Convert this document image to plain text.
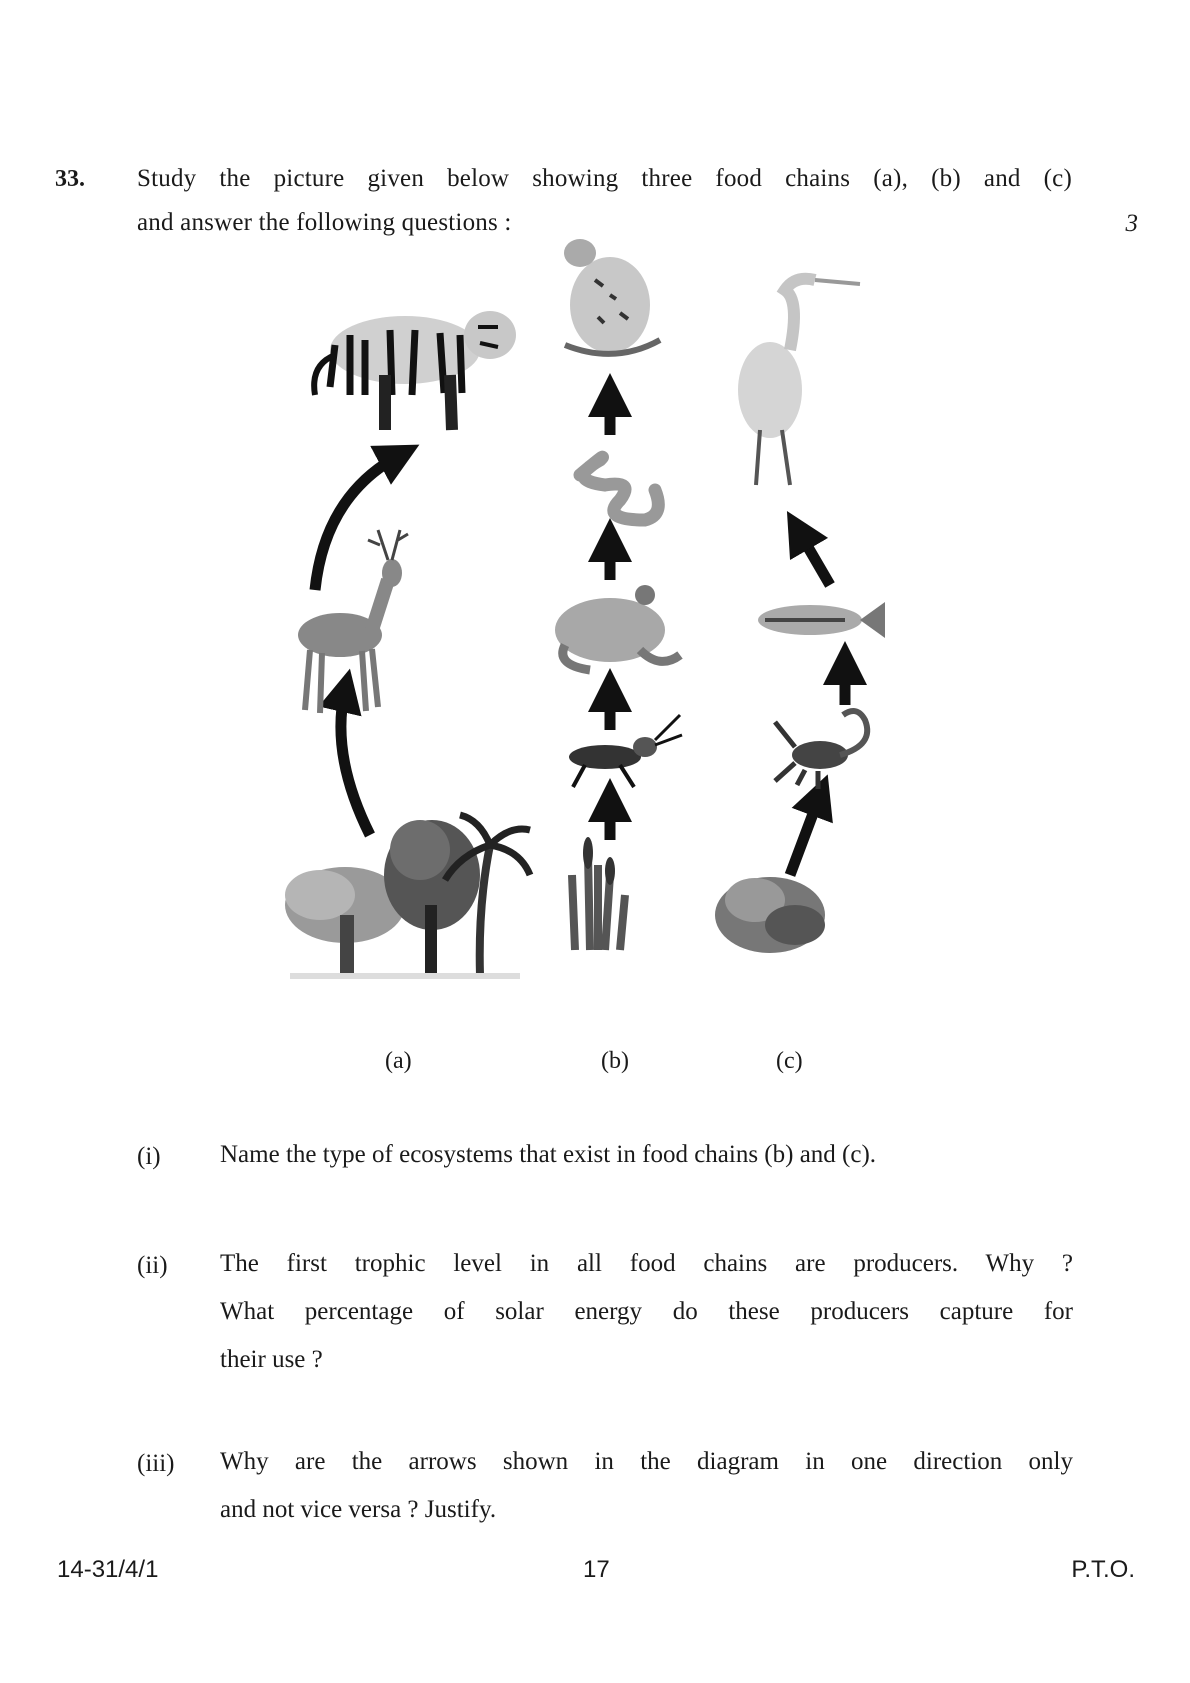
33. Study the picture given below showing three food chains (a), (b) and (c)
and answer the following questions :	3
(a)	(b)	(c)
(i) Name the type of ecosystems that exist in food chains (b) and (c).
(ii) The first trophic level in all food chains are producers. Why ?
What percentage of solar energy do these producers capture for
their use ?
(iii) Why are the arrows shown in the diagram in one direction only
and not vice versa ? Justify.
14-31/4/1	17	P.T.O.
